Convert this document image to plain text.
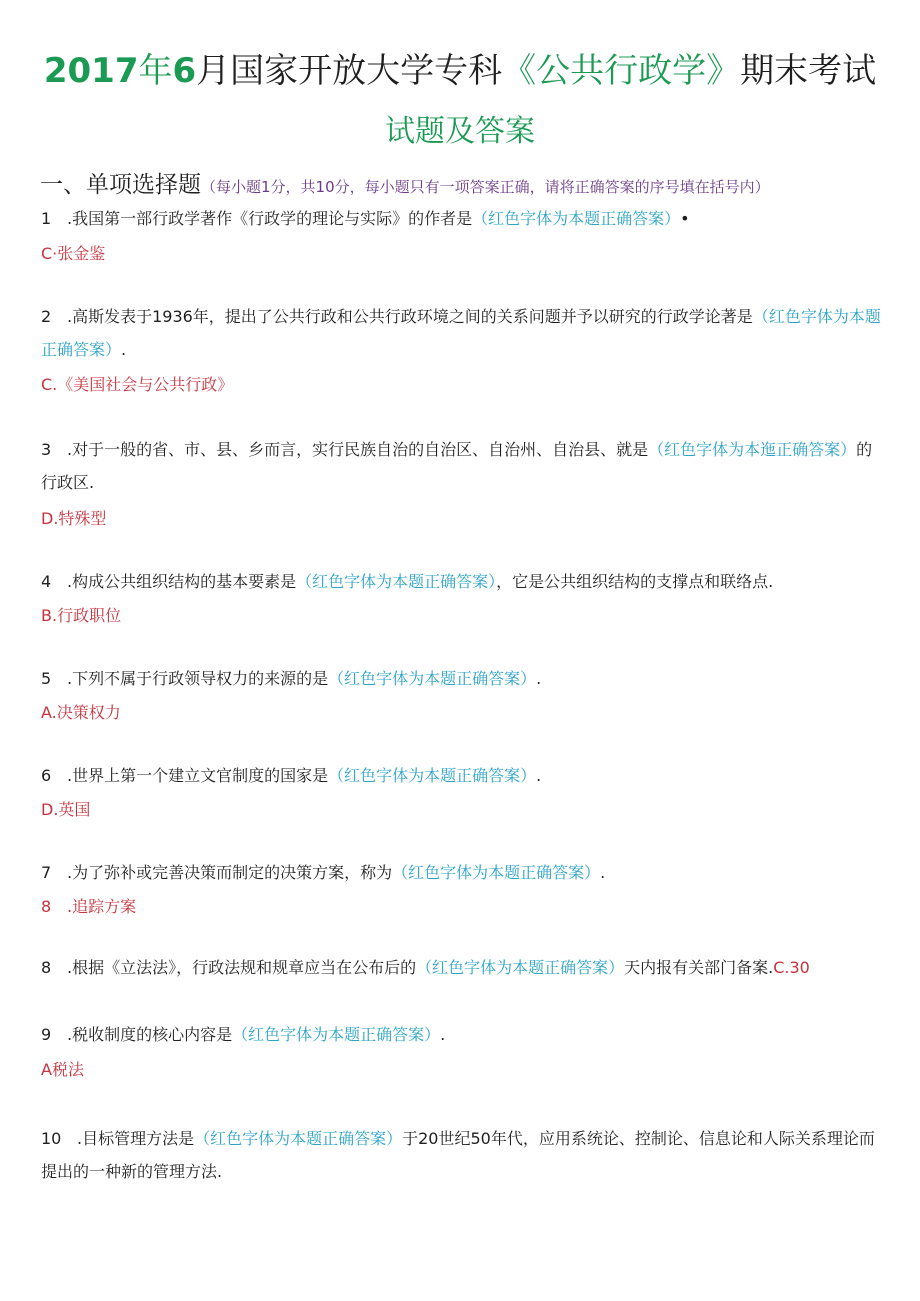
2017年6月国家开放大学专科《公共行政学》期末考试
试题及答案
一、单项选择题（每小题1分，共10分，每小题只有一项答案正确，请将正确答案的序号填在括号内）
1 .我国第一部行政学著作《行政学的理论与实际》的作者是（红色字体为本题正确答案）•
C·张金鉴
2 .高斯发表于1936年，提出了公共行政和公共行政环境之间的关系问题并予以研究的行政学论著是（红色字体为本题正确答案）.
C.《美国社会与公共行政》
3 .对于一般的省、市、县、乡而言，实行民族自治的自治区、自治州、自治县、就是（红色字体为本迤正确答案）的行政区.
D.特殊型
4 .构成公共组织结构的基本要素是（红色字体为本题正确答案），它是公共组织结构的支撑点和联络点.
B.行政职位
5 .下列不属于行政领导权力的来源的是（红色字体为本题正确答案）.
A.决策权力
6 .世界上第一个建立文官制度的国家是（红色字体为本题正确答案）.
D.英国
7 .为了弥补或完善决策而制定的决策方案，称为（红色字体为本题正确答案）.
8 .追踪方案
8 .根据《立法法》，行政法规和规章应当在公布后的（红色字体为本题正确答案）天内报有关部门备案.C.30
9 .税收制度的核心内容是（红色字体为本题正确答案）.
A税法
10 .目标管理方法是（红色字体为本题正确答案）于20世纪50年代，应用系统论、控制论、信息论和人际关系理论而提出的一种新的管理方法.
